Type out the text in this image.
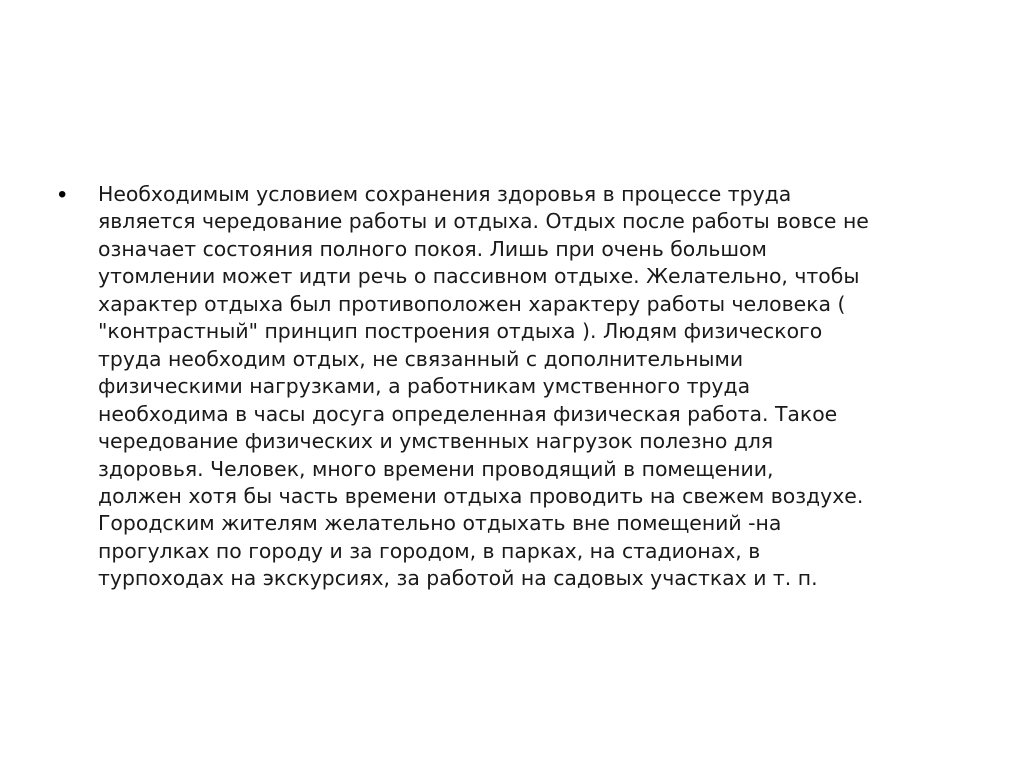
• Необходимым условием сохранения здоровья в процессе труда
является чередование работы и отдыха. Отдых после работы вовсе не
означает состояния полного покоя. Лишь при очень большом
утомлении может идти речь о пассивном отдыхе. Желательно, чтобы
характер отдыха был противоположен характеру работы человека (
"контрастный" принцип построения отдыха ). Людям физического
труда необходим отдых, не связанный с дополнительными
физическими нагрузками, а работникам умственного труда
необходима в часы досуга определенная физическая работа. Такое
чередование физических и умственных нагрузок полезно для
здоровья. Человек, много времени проводящий в помещении,
должен хотя бы часть времени отдыха проводить на свежем воздухе.
Городским жителям желательно отдыхать вне помещений -на
прогулках по городу и за городом, в парках, на стадионах, в
турпоходах на экскурсиях, за работой на садовых участках и т. п.
